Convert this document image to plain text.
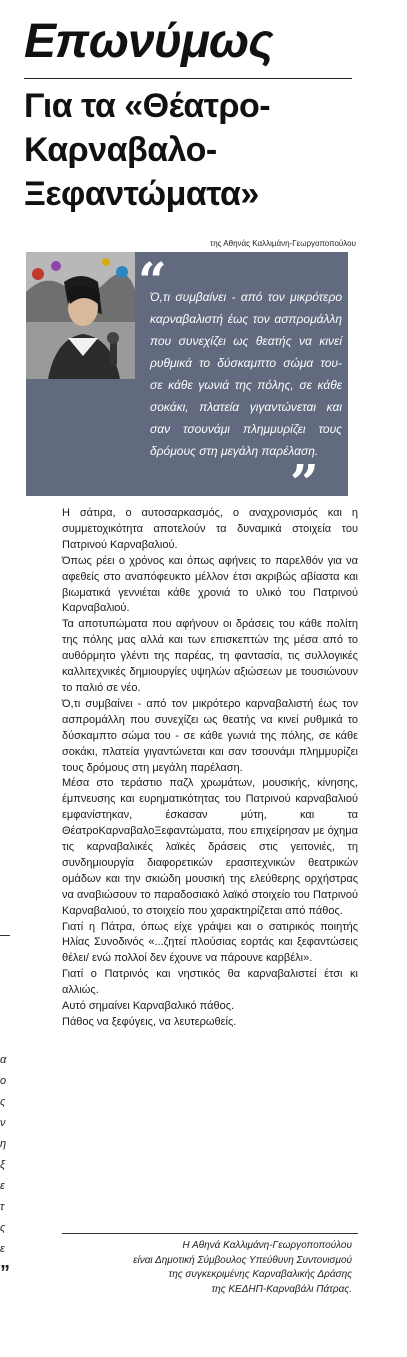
Επωνύμως
Για τα «Θέατρο-
Καρναβαλο-
Ξεφαντώματα»

της Αθηνάς Καλλιμάνη-Γεωργοποπούλου

“

Ό,τι συμβαίνει - από τον μικρότερο καρναβαλιστή έως τον ασπρομάλλη που συνεχίζει ως θεατής να κινεί ρυθμικά το δύσκαμπτο σώμα του- σε κάθε γωνιά της πόλης, σε κάθε σοκάκι, πλατεία γιγαντώνεται και σαν τσουνάμι πλημμυρίζει τους δρόμους στη μεγάλη παρέλαση.

”

Η σάτιρα, ο αυτοσαρκασμός, ο αναχρονισμός και η συμμετοχικότητα αποτελούν τα δυναμικά στοιχεία του Πατρινού Καρναβαλιού.

Όπως ρέει ο χρόνος και όπως αφήνεις το παρελθόν για να αφεθείς στο αναπόφευκτο μέλλον έτσι ακριβώς αβίαστα και βιωματικά γεννιέται κάθε χρονιά το υλικό του Πατρινού Καρναβαλιού.

Τα αποτυπώματα που αφήνουν οι δράσεις του κάθε πολίτη της πόλης μας αλλά και των επισκεπτών της μέσα από το αυθόρμητο γλέντι της παρέας, τη φαντασία, τις συλλογικές καλλιτεχνικές δημιουργίες υψηλών αξιώσεων με τουσιώνουν το παλιό σε νέο.

Ό,τι συμβαίνει - από τον μικρότερο καρναβαλιστή έως τον ασπρομάλλη που συνεχίζει ως θεατής να κινεί ρυθμικά το δύσκαμπτο σώμα του - σε κάθε γωνιά της πόλης, σε κάθε σοκάκι, πλατεία γιγαντώνεται και σαν τσουνάμι πλημμυρίζει τους δρόμους στη μεγάλη παρέλαση.

Μέσα στο τεράστιο παζλ χρωμάτων, μουσικής, κίνησης, έμπνευσης και ευρηματικότητας του Πατρινού καρναβαλιού εμφανίστηκαν, έσκασαν μύτη, και τα ΘέατροΚαρναβαλοΞεφαντώματα, που επιχείρησαν με όχημα τις καρναβαλικές λαϊκές δράσεις στις γειτονιές, τη συνδημιουργία διαφορετικών ερασιτεχνικών θεατρικών ομάδων και την σκιώδη μουσική της ελεύθερης ορχήστρας να αναβιώσουν το παραδοσιακό λαϊκό στοιχείο του Πατρινού Καρναβαλιού, το στοιχείο που χαρακτηρίζεται από πάθος.

Γιατί η Πάτρα, όπως είχε γράψει και ο σατιρικός ποιητής Ηλίας Συνοδινός «...ζητεί πλούσιας εορτάς και ξεφαντώσεις θέλει/ ενώ πολλοί δεν έχουνε να πάρουνε καρβέλι».

Γιατί ο Πατρινός και νηστικός θα καρναβαλιστεί έτσι κι αλλιώς.

Αυτό σημαίνει Καρναβαλικό πάθος.

Πάθος να ξεφύγεις, να λευτερωθείς.

Η Αθηνά Καλλιμάνη-Γεωργοποπούλου
είναι Δημοτική Σύμβουλος Υπεύθυνη Συντονισμού
της συγκεκριμένης Καρναβαλικής Δράσης
της ΚΕΔΗΠ-Καρναβάλι Πάτρας.
α
ο
ς
ν
η
ξ
ε
τ
ς
ε
”
